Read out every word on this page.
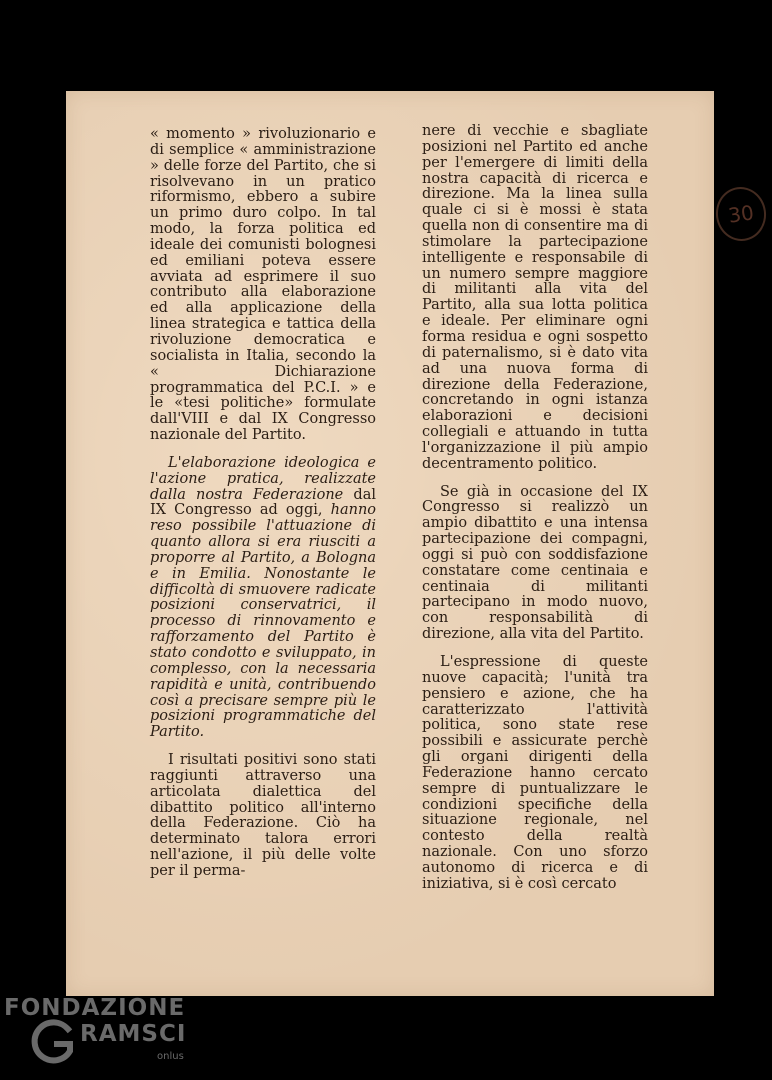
30

« momento » rivoluzionario e di semplice « amministrazione » delle forze del Partito, che si risolvevano in un pratico riformismo, ebbero a subire un primo duro colpo. In tal modo, la forza politica ed ideale dei comunisti bolognesi ed emiliani poteva essere avviata ad esprimere il suo contributo alla elaborazione ed alla applicazione della linea strategica e tattica della rivoluzione democratica e socialista in Italia, secondo la « Dichiarazione programmatica del P.C.I. » e le «tesi politiche» formulate dall'VIII e dal IX Congresso nazionale del Partito.

L'elaborazione ideologica e l'azione pratica, realizzate dalla nostra Federazione dal IX Congresso ad oggi, hanno reso possibile l'attuazione di quanto allora si era riusciti a proporre al Partito, a Bologna e in Emilia. Nonostante le difficoltà di smuovere radicate posizioni conservatrici, il processo di rinnovamento e rafforzamento del Partito è stato condotto e sviluppato, in complesso, con la necessaria rapidità e unità, contribuendo così a precisare sempre più le posizioni programmatiche del Partito.

I risultati positivi sono stati raggiunti attraverso una articolata dialettica del dibattito politico all'interno della Federazione. Ciò ha determinato talora errori nell'azione, il più delle volte per il perma-

nere di vecchie e sbagliate posizioni nel Partito ed anche per l'emergere di limiti della nostra capacità di ricerca e direzione. Ma la linea sulla quale ci si è mossi è stata quella non di consentire ma di stimolare la partecipazione intelligente e responsabile di un numero sempre maggiore di militanti alla vita del Partito, alla sua lotta politica e ideale. Per eliminare ogni forma residua e ogni sospetto di paternalismo, si è dato vita ad una nuova forma di direzione della Federazione, concretando in ogni istanza elaborazioni e decisioni collegiali e attuando in tutta l'organizzazione il più ampio decentramento politico.

Se già in occasione del IX Congresso si realizzò un ampio dibattito e una intensa partecipazione dei compagni, oggi si può con soddisfazione constatare come centinaia e centinaia di militanti partecipano in modo nuovo, con responsabilità di direzione, alla vita del Partito.

L'espressione di queste nuove capacità; l'unità tra pensiero e azione, che ha caratterizzato l'attività politica, sono state rese possibili e assicurate perchè gli organi dirigenti della Federazione hanno cercato sempre di puntualizzare le condizioni specifiche della situazione regionale, nel contesto della realtà nazionale. Con uno sforzo autonomo di ricerca e di iniziativa, si è così cercato

FONDAZIONE
RAMSCI
onlus
